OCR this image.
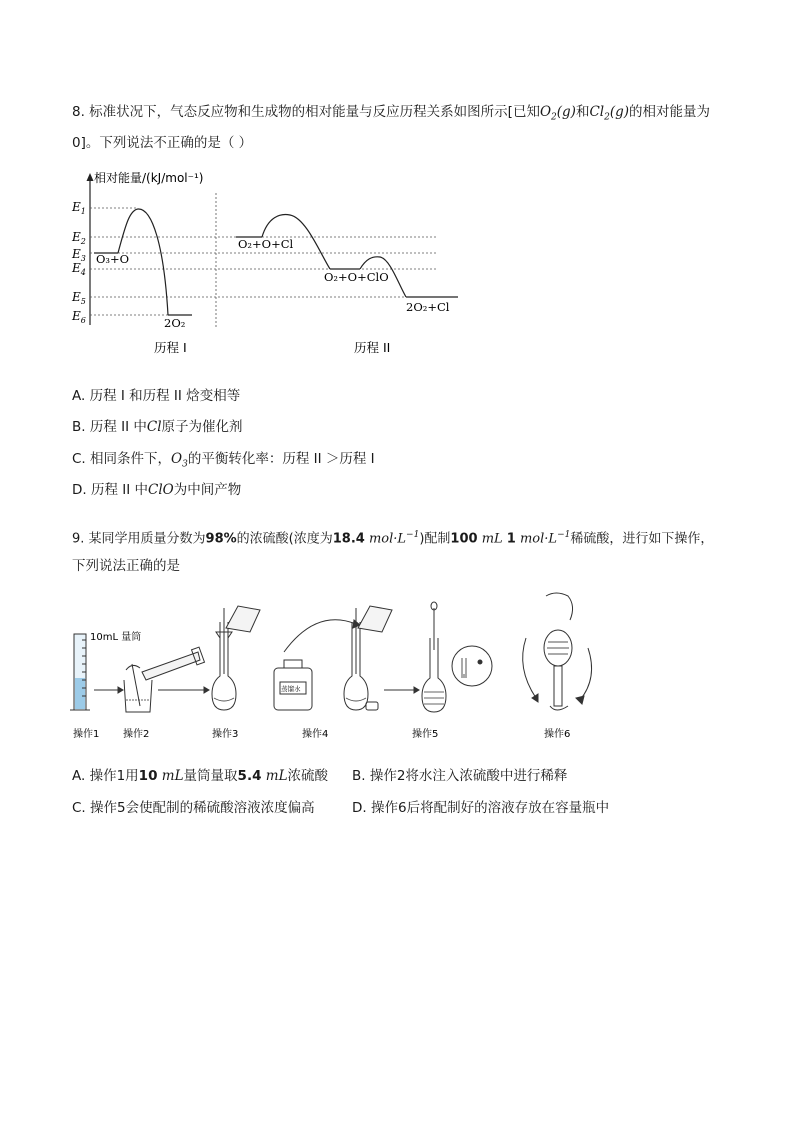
8. 标准状况下，气态反应物和生成物的相对能量与反应历程关系如图所示[已知$O_2(g)$和$Cl_2(g)$的相对能量为
0]。下列说法不正确的是（ ）
相对能量/(kJ/mol⁻¹)
$E_1$
$E_2$
$E_3$
$E_4$
$E_5$
$E_6$
O₃+O
2O₂
O₂+O+Cl
O₂+O+ClO
2O₂+Cl
历程 I	历程 II
A. 历程 I 和历程 II 焓变相等
B. 历程 II 中Cl原子为催化剂
C. 相同条件下，$O_3$的平衡转化率：历程 II ＞历程 I
D. 历程 II 中ClO为中间产物
9. 某同学用质量分数为98%的浓硫酸(浓度为18.4 $mol\cdot L^{-1}$)配制100 mL 1 $mol\cdot L^{-1}$稀硫酸，进行如下操作，
下列说法正确的是
10mL 量筒
蒸馏水
操作1 操作2	操作3	操作4	操作5	操作6
A. 操作1用10 mL量筒量取5.4 mL浓硫酸 B. 操作2将水注入浓硫酸中进行稀释
C. 操作5会使配制的稀硫酸溶液浓度偏高	D. 操作6后将配制好的溶液存放在容量瓶中
